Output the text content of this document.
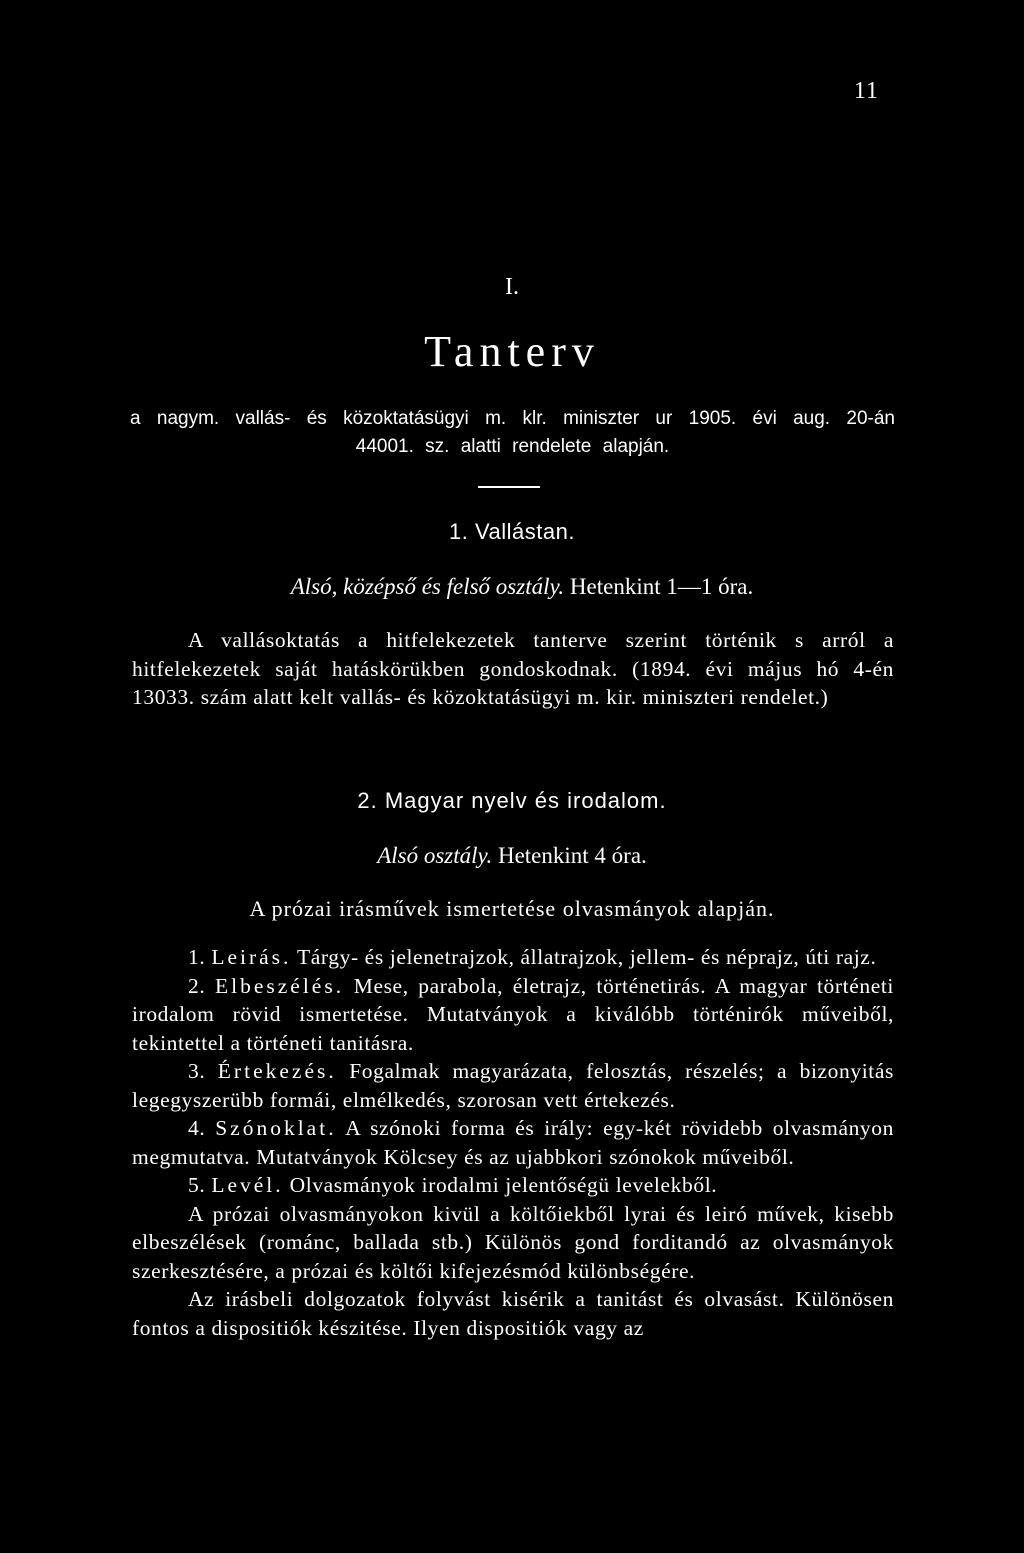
11
I.
Tanterv
a nagym. vallás- és közoktatásügyi m. klr. miniszter ur 1905. évi aug. 20-án 44001. sz. alatti rendelete alapján.
1. Vallástan.
Alsó, középső és felső osztály. Hetenkint 1—1 óra.

A vallásoktatás a hitfelekezetek tanterve szerint történik s arról a hitfelekezetek saját hatáskörükben gondoskodnak. (1894. évi május hó 4-én 13033. szám alatt kelt vallás- és közoktatásügyi m. kir. miniszteri rendelet.)

2. Magyar nyelv és irodalom.
Alsó osztály. Hetenkint 4 óra.
A prózai irásművek ismertetése olvasmányok alapján.

1. Leirás. Tárgy- és jelenetrajzok, állatrajzok, jellem- és néprajz, úti rajz.

2. Elbeszélés. Mese, parabola, életrajz, történetirás. A magyar történeti irodalom rövid ismertetése. Mutatványok a kiválóbb történirók műveiből, tekintettel a történeti tanitásra.

3. Értekezés. Fogalmak magyarázata, felosztás, részelés; a bizonyitás legegyszerübb formái, elmélkedés, szorosan vett értekezés.

4. Szónoklat. A szónoki forma és irály: egy-két rövidebb olvasmányon megmutatva. Mutatványok Kölcsey és az ujabbkori szónokok műveiből.

5. Levél. Olvasmányok irodalmi jelentőségü levelekből.

A prózai olvasmányokon kivül a költőiekből lyrai és leiró művek, kisebb elbeszélések (románc, ballada stb.) Különös gond forditandó az olvasmányok szerkesztésére, a prózai és költői kifejezésmód különbségére.

Az irásbeli dolgozatok folyvást kisérik a tanitást és olvasást. Különösen fontos a dispositiók készitése. Ilyen dispositiók vagy az
